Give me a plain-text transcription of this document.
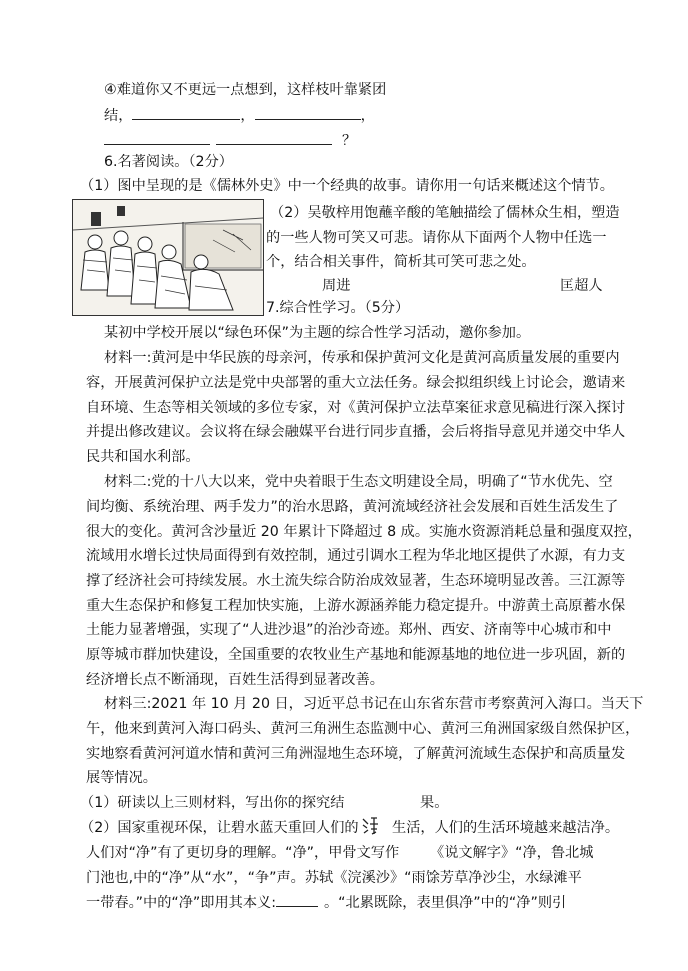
④难道你又不更远一点想到，这样枝叶靠紧团
结，	，	，
？
6.名著阅读。（2分）
（1）图中呈现的是《儒林外史》中一个经典的故事。请你用一句话来概述这个情节。
（2）吴敬梓用饱蘸辛酸的笔触描绘了儒林众生相，塑造
的一些人物可笑又可悲。请你从下面两个人物中任选一
个，结合相关事件，简析其可笑可悲之处。
周进	匡超人
7.综合性学习。（5分）
某初中学校开展以“绿色环保”为主题的综合性学习活动，邀你参加。
材料一:黄河是中华民族的母亲河，传承和保护黄河文化是黄河高质量发展的重要内
容，开展黄河保护立法是党中央部署的重大立法任务。绿会拟组织线上讨论会，邀请来
自环境、生态等相关领域的多位专家，对《黄河保护立法草案征求意见稿进行深入探讨
并提出修改建议。会议将在绿会融媒平台进行同步直播，会后将指导意见并递交中华人
民共和国水利部。
材料二:党的十八大以来，党中央着眼于生态文明建设全局，明确了“节水优先、空
间均衡、系统治理、两手发力”的治水思路，黄河流域经济社会发展和百姓生活发生了
很大的变化。黄河含沙量近 20 年累计下降超过 8 成。实施水资源消耗总量和强度双控，
流域用水增长过快局面得到有效控制，通过引调水工程为华北地区提供了水源，有力支
撑了经济社会可持续发展。水土流失综合防治成效显著，生态环境明显改善。三江源等
重大生态保护和修复工程加快实施，上游水源涵养能力稳定提升。中游黄土高原蓄水保
土能力显著增强，实现了“人进沙退”的治沙奇迹。郑州、西安、济南等中心城市和中
原等城市群加快建设，全国重要的农牧业生产基地和能源基地的地位进一步巩固，新的
经济增长点不断涌现，百姓生活得到显著改善。
材料三:2021 年 10 月 20 日，习近平总书记在山东省东营市考察黄河入海口。当天下
午，他来到黄河入海口码头、黄河三角洲生态监测中心、黄河三角洲国家级自然保护区，
实地察看黄河河道水情和黄河三角洲湿地生态环境，了解黄河流域生态保护和高质量发
展等情况。
（1）研读以上三则材料，写出你的探究结	果。
（2）国家重视环保，让碧水蓝天重回人们的 生活，人们的生活环境越来越洁净。
人们对“净”有了更切身的理解。“净”，甲骨文写作 《说文解字》“净，鲁北城
门池也,中的“净”从“水”，“争”声。苏轼《浣溪沙》“雨馀芳草净沙尘，水绿滩平
一带春。”中的“净”即用其本义:	。“北累既除，表里俱净”中的“净”则引
